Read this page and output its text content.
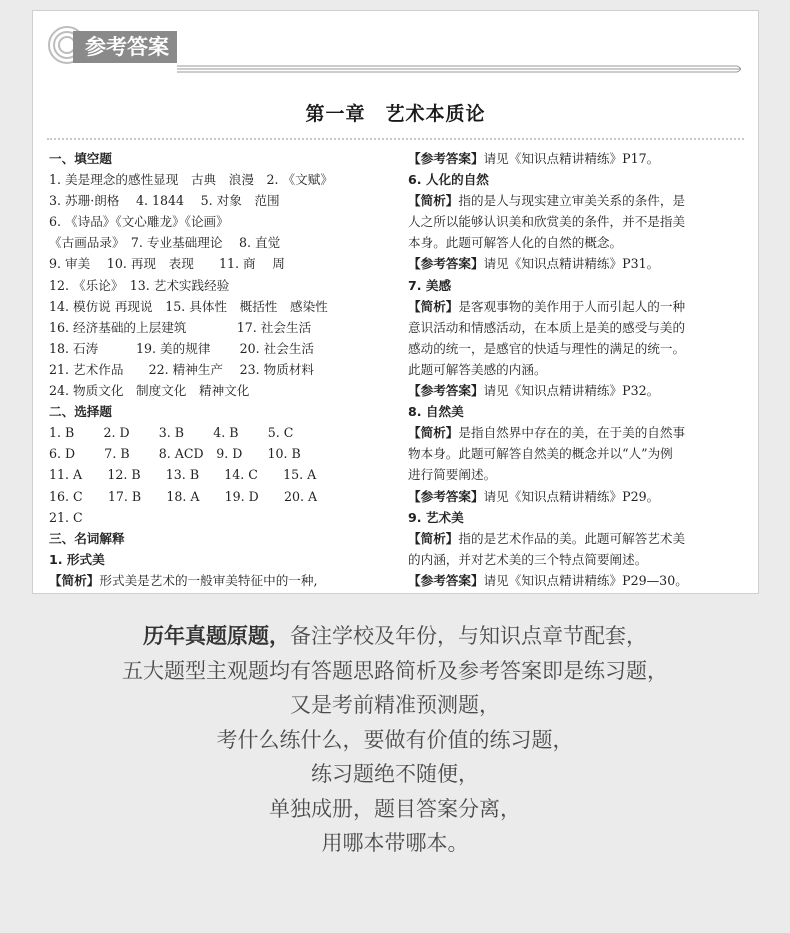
参考答案
第一章　艺术本质论
一、填空题
1. 美是理念的感性显现　古典　浪漫　2. 《文赋》
3. 苏珊·朗格　 4. 1844　 5. 对象　范围
6. 《诗品》《文心雕龙》《论画》
《古画品录》　7. 专业基础理论　 8. 直觉
9. 审美　 10. 再现　表现　　11. 商　 周
12. 《乐论》　13. 艺术实践经验
14. 模仿说 再现说　15. 具体性　概括性　感染性
16. 经济基础的上层建筑　　　　17. 社会生活
18. 石涛　　　19. 美的规律　　 20. 社会生活
21. 艺术作品　　22. 精神生产　 23. 物质材料
24. 物质文化　制度文化　精神文化
二、选择题
1. B　　 2. D　　 3. B　　 4. B　　 5. C
6. D　　 7. B　　 8. ACD　9. D　　10. B
11. A　　12. B　　13. B　　14. C　　15. A
16. C　　17. B　　18. A　　19. D　　20. A
21. C
三、名词解释
1. 形式美
【简析】形式美是艺术的一般审美特征中的一种,
【参考答案】请见《知识点精讲精练》P17。
6. 人化的自然
【简析】指的是人与现实建立审美关系的条件，是
人之所以能够认识美和欣赏美的条件，并不是指美
本身。此题可解答人化的自然的概念。
【参考答案】请见《知识点精讲精练》P31。
7. 美感
【简析】是客观事物的美作用于人而引起人的一种
意识活动和情感活动，在本质上是美的感受与美的
感动的统一，是感官的快适与理性的满足的统一。
此题可解答美感的内涵。
【参考答案】请见《知识点精讲精练》P32。
8. 自然美
【简析】是指自然界中存在的美，在于美的自然事
物本身。此题可解答自然美的概念并以“人”为例
进行简要阐述。
【参考答案】请见《知识点精讲精练》P29。
9. 艺术美
【简析】指的是艺术作品的美。此题可解答艺术美
的内涵，并对艺术美的三个特点简要阐述。
【参考答案】请见《知识点精讲精练》P29—30。
历年真题原题，备注学校及年份，与知识点章节配套，
五大题型主观题均有答题思路简析及参考答案即是练习题，
又是考前精准预测题，
考什么练什么，要做有价值的练习题，
练习题绝不随便，
单独成册，题目答案分离，
用哪本带哪本。
